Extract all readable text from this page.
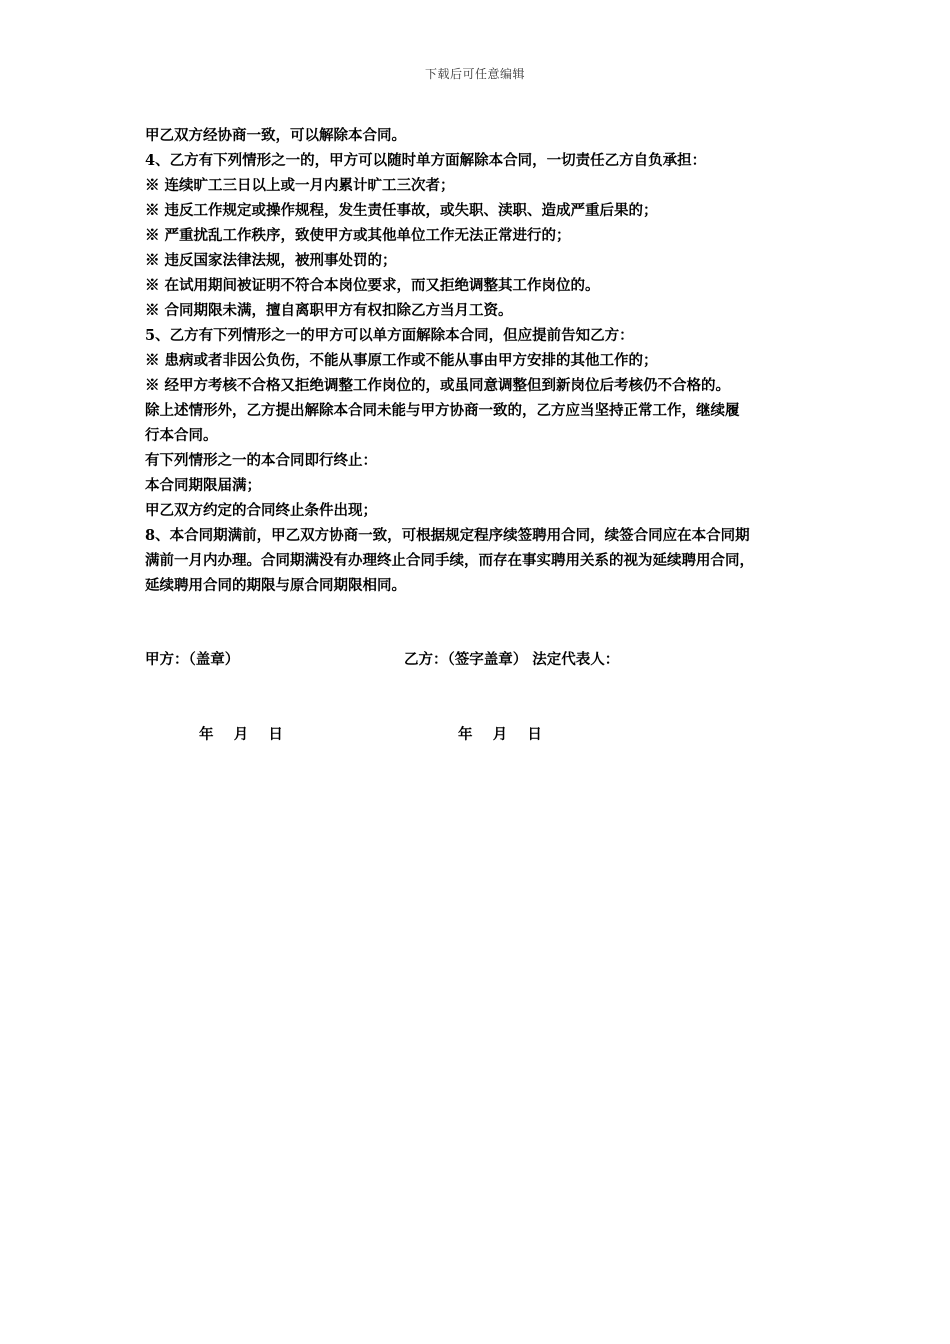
下载后可任意编辑
甲乙双方经协商一致，可以解除本合同。
4、乙方有下列情形之一的，甲方可以随时单方面解除本合同，一切责任乙方自负承担：
※ 连续旷工三日以上或一月内累计旷工三次者；
※ 违反工作规定或操作规程，发生责任事故，或失职、渎职、造成严重后果的；
※ 严重扰乱工作秩序，致使甲方或其他单位工作无法正常进行的；
※ 违反国家法律法规，被刑事处罚的；
※ 在试用期间被证明不符合本岗位要求，而又拒绝调整其工作岗位的。
※ 合同期限未满，擅自离职甲方有权扣除乙方当月工资。
5、乙方有下列情形之一的甲方可以单方面解除本合同，但应提前告知乙方：
※ 患病或者非因公负伤，不能从事原工作或不能从事由甲方安排的其他工作的；
※ 经甲方考核不合格又拒绝调整工作岗位的，或虽同意调整但到新岗位后考核仍不合格的。
除上述情形外，乙方提出解除本合同未能与甲方协商一致的，乙方应当坚持正常工作，继续履
行本合同。
有下列情形之一的本合同即行终止：
本合同期限届满；
甲乙双方约定的合同终止条件出现；
8、本合同期满前，甲乙双方协商一致，可根据规定程序续签聘用合同，续签合同应在本合同期
满前一月内办理。合同期满没有办理终止合同手续，而存在事实聘用关系的视为延续聘用合同，
延续聘用合同的期限与原合同期限相同。
甲方：（盖章）	乙方：（签字盖章） 法定代表人：
年    月    日	年    月    日
